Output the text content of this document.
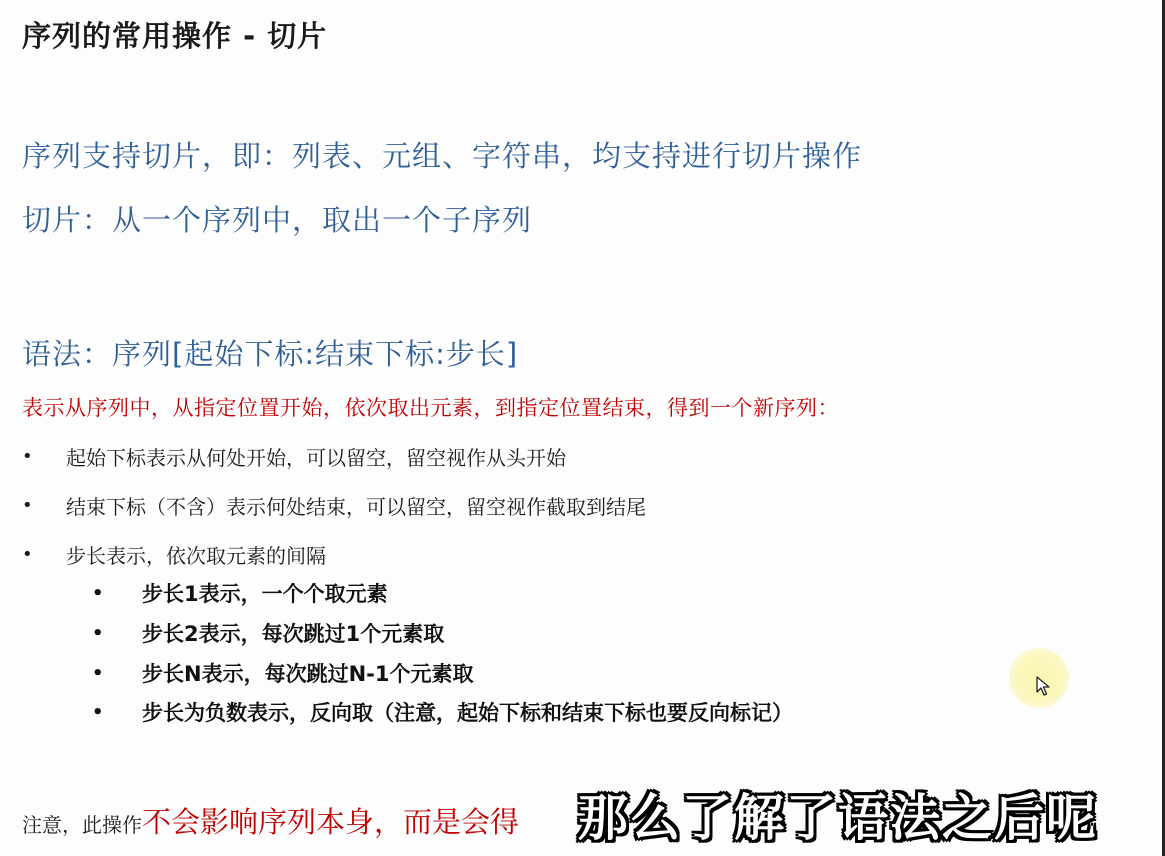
序列的常用操作 - 切片
序列支持切片，即：列表、元组、字符串，均支持进行切片操作
切片：从一个序列中，取出一个子序列
语法：序列[起始下标:结束下标:步长]
表示从序列中，从指定位置开始，依次取出元素，到指定位置结束，得到一个新序列：
•	起始下标表示从何处开始，可以留空，留空视作从头开始
•	结束下标（不含）表示何处结束，可以留空，留空视作截取到结尾
•	步长表示，依次取元素的间隔
•	步长1表示，一个个取元素
•	步长2表示，每次跳过1个元素取
•	步长N表示，每次跳过N-1个元素取
•	步长为负数表示，反向取（注意，起始下标和结束下标也要反向标记）
注意，此操作 不会影响序列本身，而是会得 那么了解了语法之后呢
